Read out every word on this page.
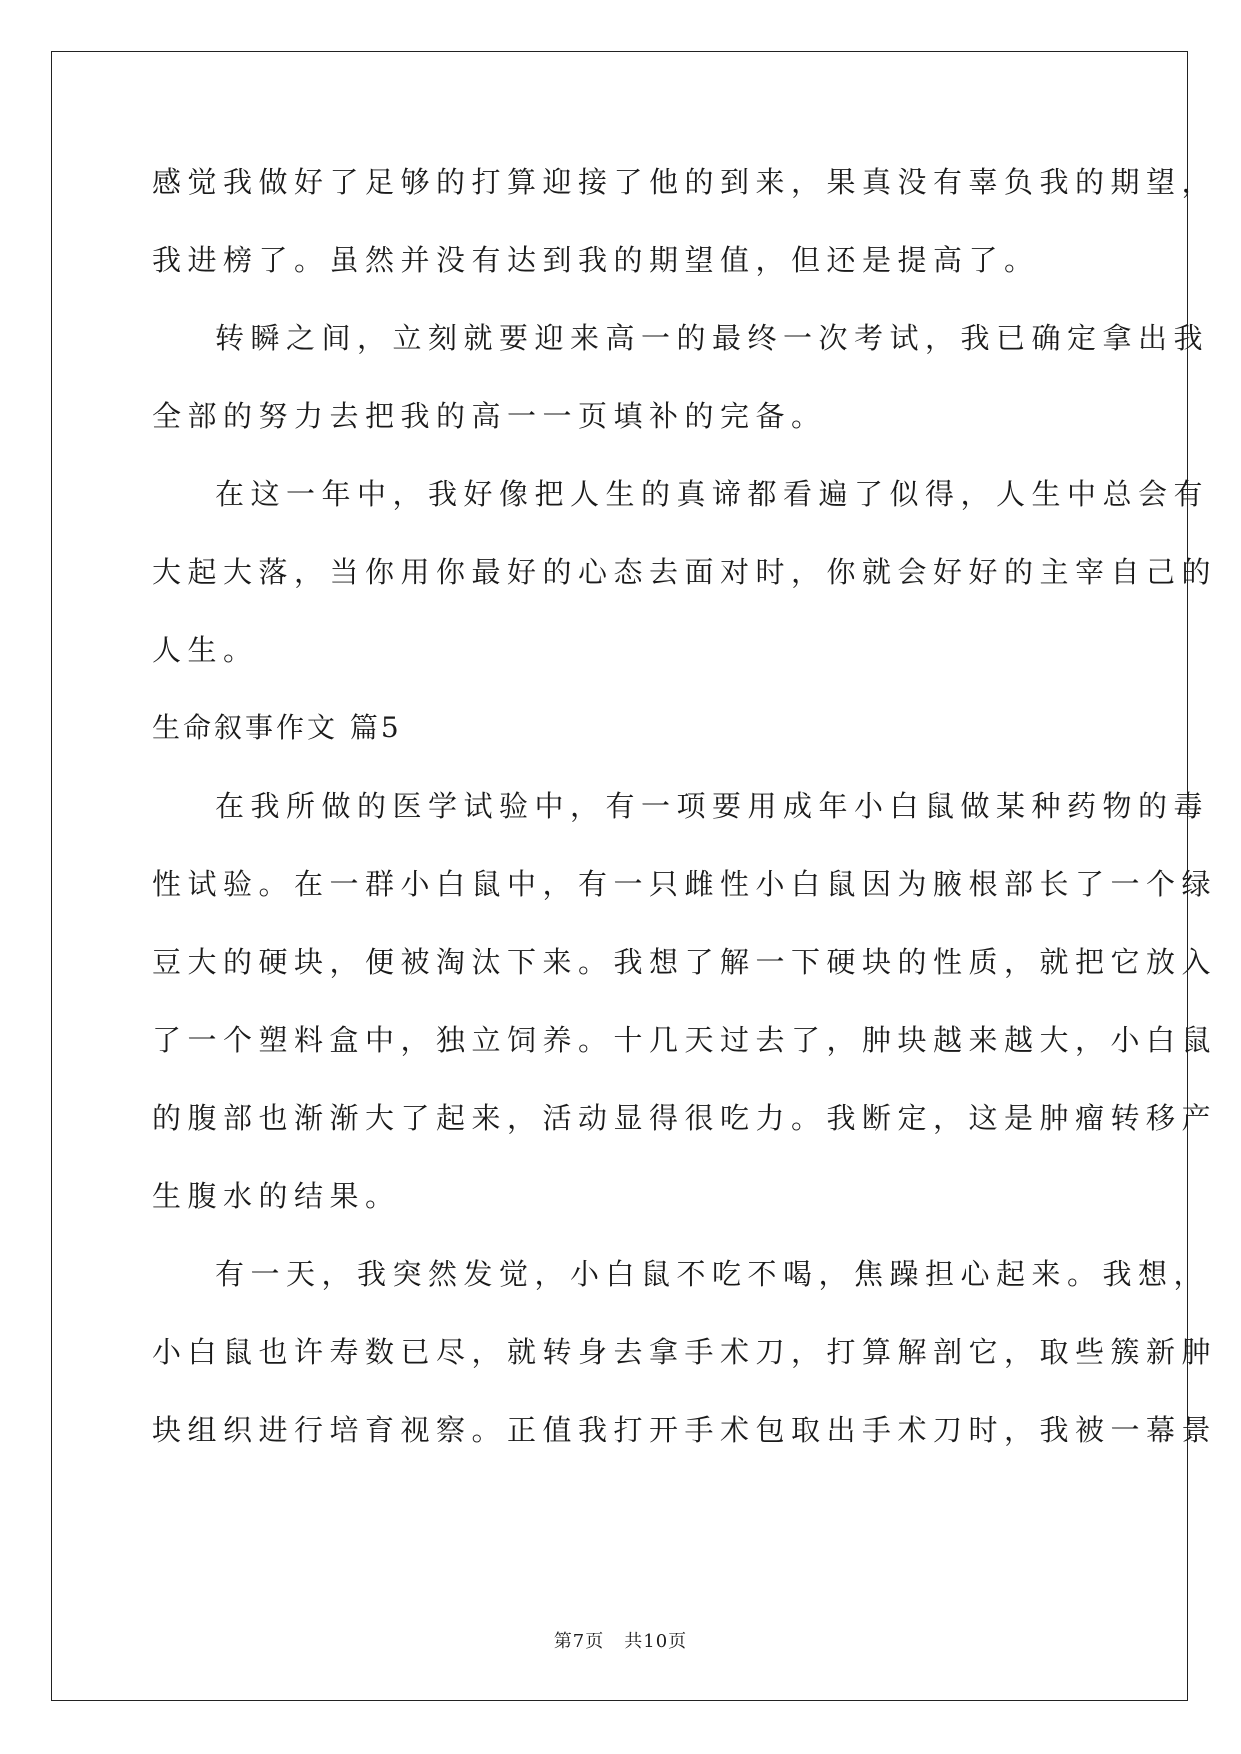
感觉我做好了足够的打算迎接了他的到来，果真没有辜负我的期望，
我进榜了。虽然并没有达到我的期望值，但还是提高了。
转瞬之间，立刻就要迎来高一的最终一次考试，我已确定拿出我
全部的努力去把我的高一一页填补的完备。
在这一年中，我好像把人生的真谛都看遍了似得，人生中总会有
大起大落，当你用你最好的心态去面对时，你就会好好的主宰自己的
人生。
生命叙事作文 篇5
在我所做的医学试验中，有一项要用成年小白鼠做某种药物的毒
性试验。在一群小白鼠中，有一只雌性小白鼠因为腋根部长了一个绿
豆大的硬块，便被淘汰下来。我想了解一下硬块的性质，就把它放入
了一个塑料盒中，独立饲养。十几天过去了，肿块越来越大，小白鼠
的腹部也渐渐大了起来，活动显得很吃力。我断定，这是肿瘤转移产
生腹水的结果。
有一天，我突然发觉，小白鼠不吃不喝，焦躁担心起来。我想，
小白鼠也许寿数已尽，就转身去拿手术刀，打算解剖它，取些簇新肿
块组织进行培育视察。正值我打开手术包取出手术刀时，我被一幕景
第7页 共10页
